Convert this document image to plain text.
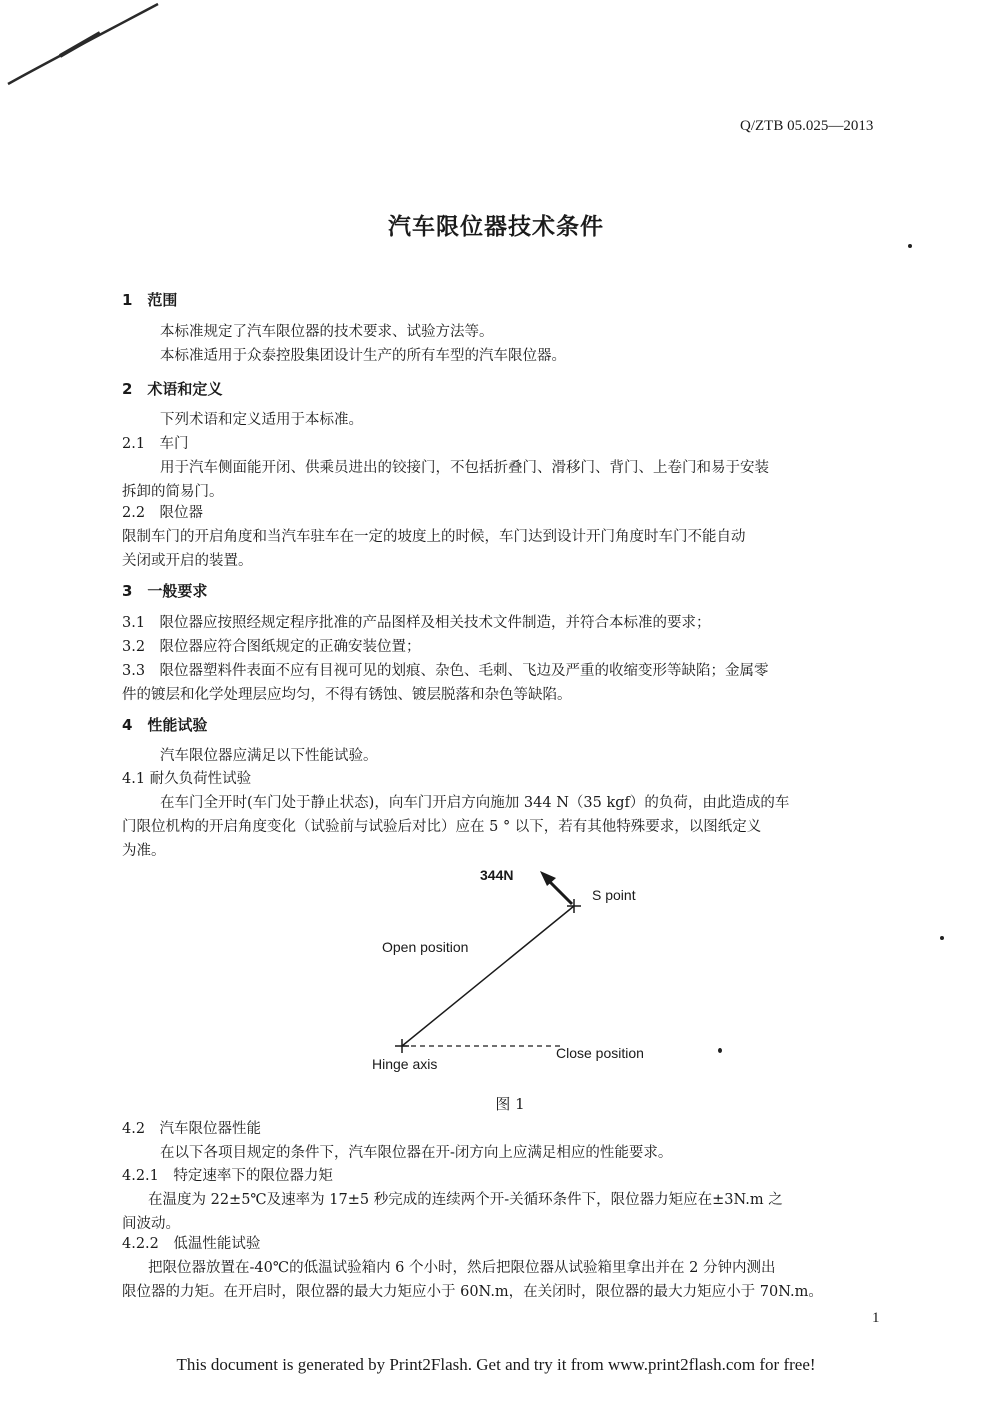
Q/ZTB 05.025—2013
汽车限位器技术条件
1　范围
本标准规定了汽车限位器的技术要求、试验方法等。
本标准适用于众泰控股集团设计生产的所有车型的汽车限位器。
2　术语和定义
下列术语和定义适用于本标准。
2.1　车门
用于汽车侧面能开闭、供乘员进出的铰接门，不包括折叠门、滑移门、背门、上卷门和易于安装
拆卸的简易门。
2.2　限位器
限制车门的开启角度和当汽车驻车在一定的坡度上的时候，车门达到设计开门角度时车门不能自动
关闭或开启的装置。
3　一般要求
3.1　限位器应按照经规定程序批准的产品图样及相关技术文件制造，并符合本标准的要求；
3.2　限位器应符合图纸规定的正确安装位置；
3.3　限位器塑料件表面不应有目视可见的划痕、杂色、毛刺、飞边及严重的收缩变形等缺陷；金属零
件的镀层和化学处理层应均匀，不得有锈蚀、镀层脱落和杂色等缺陷。
4　性能试验
汽车限位器应满足以下性能试验。
4.1 耐久负荷性试验
在车门全开时(车门处于静止状态)，向车门开启方向施加 344 N（35 kgf）的负荷，由此造成的车
门限位机构的开启角度变化（试验前与试验后对比）应在 5 ° 以下，若有其他特殊要求，以图纸定义
为准。
344N
S point
Open position
Hinge axis
Close position
图 1
4.2　汽车限位器性能
在以下各项目规定的条件下，汽车限位器在开-闭方向上应满足相应的性能要求。
4.2.1　特定速率下的限位器力矩
在温度为 22±5℃及速率为 17±5 秒完成的连续两个开-关循环条件下，限位器力矩应在±3N.m 之
间波动。
4.2.2　低温性能试验
把限位器放置在-40℃的低温试验箱内 6 个小时，然后把限位器从试验箱里拿出并在 2 分钟内测出
限位器的力矩。在开启时，限位器的最大力矩应小于 60N.m，在关闭时，限位器的最大力矩应小于 70N.m。
1
This document is generated by Print2Flash. Get and try it from www.print2flash.com for free!
